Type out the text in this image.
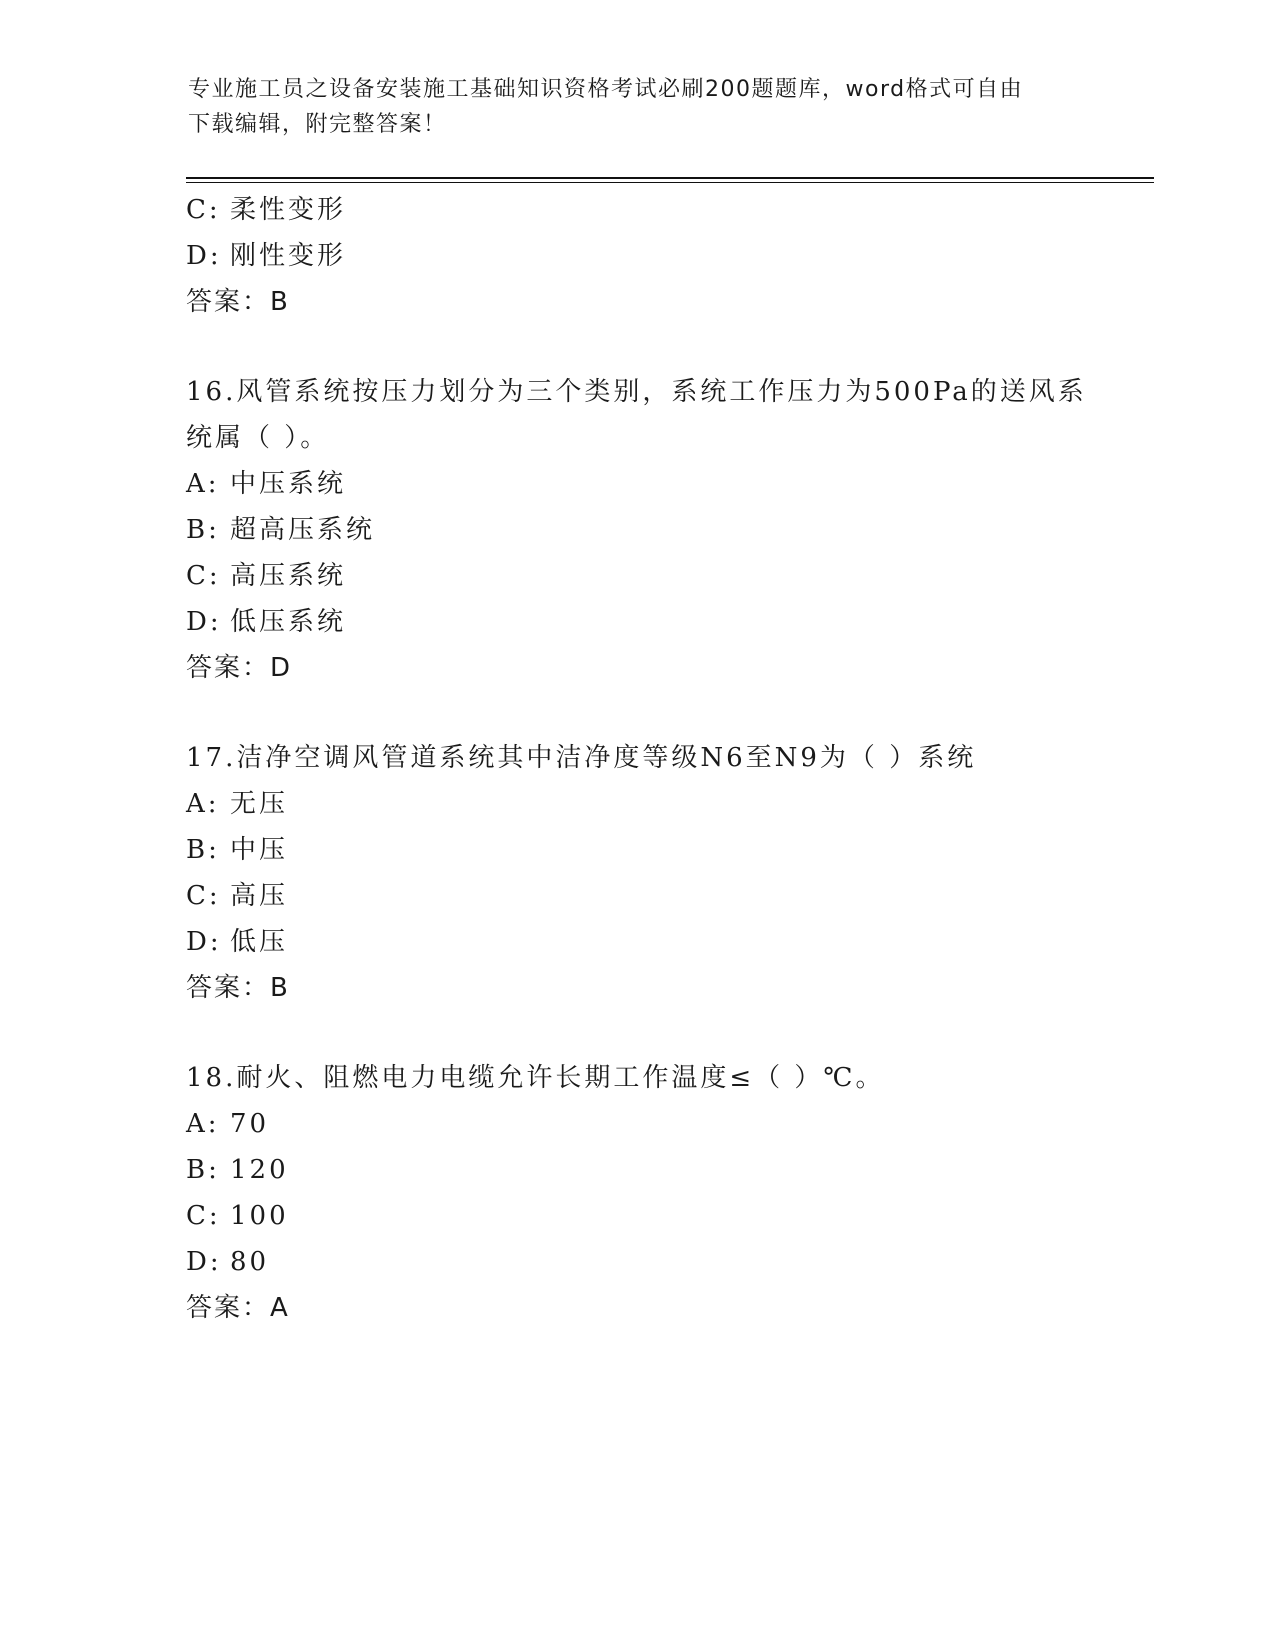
专业施工员之设备安装施工基础知识资格考试必刷200题题库，word格式可自由
下载编辑，附完整答案！
C: 柔性变形
D: 刚性变形
答案：B
16.风管系统按压力划分为三个类别，系统工作压力为500Pa的送风系
统属（ ）。
A: 中压系统
B: 超高压系统
C: 高压系统
D: 低压系统
答案：D
17.洁净空调风管道系统其中洁净度等级N6至N9为（ ）系统
A: 无压
B: 中压
C: 高压
D: 低压
答案：B
18.耐火、阻燃电力电缆允许长期工作温度≤（ ）℃。
A: 70
B: 120
C: 100
D: 80
答案：A
